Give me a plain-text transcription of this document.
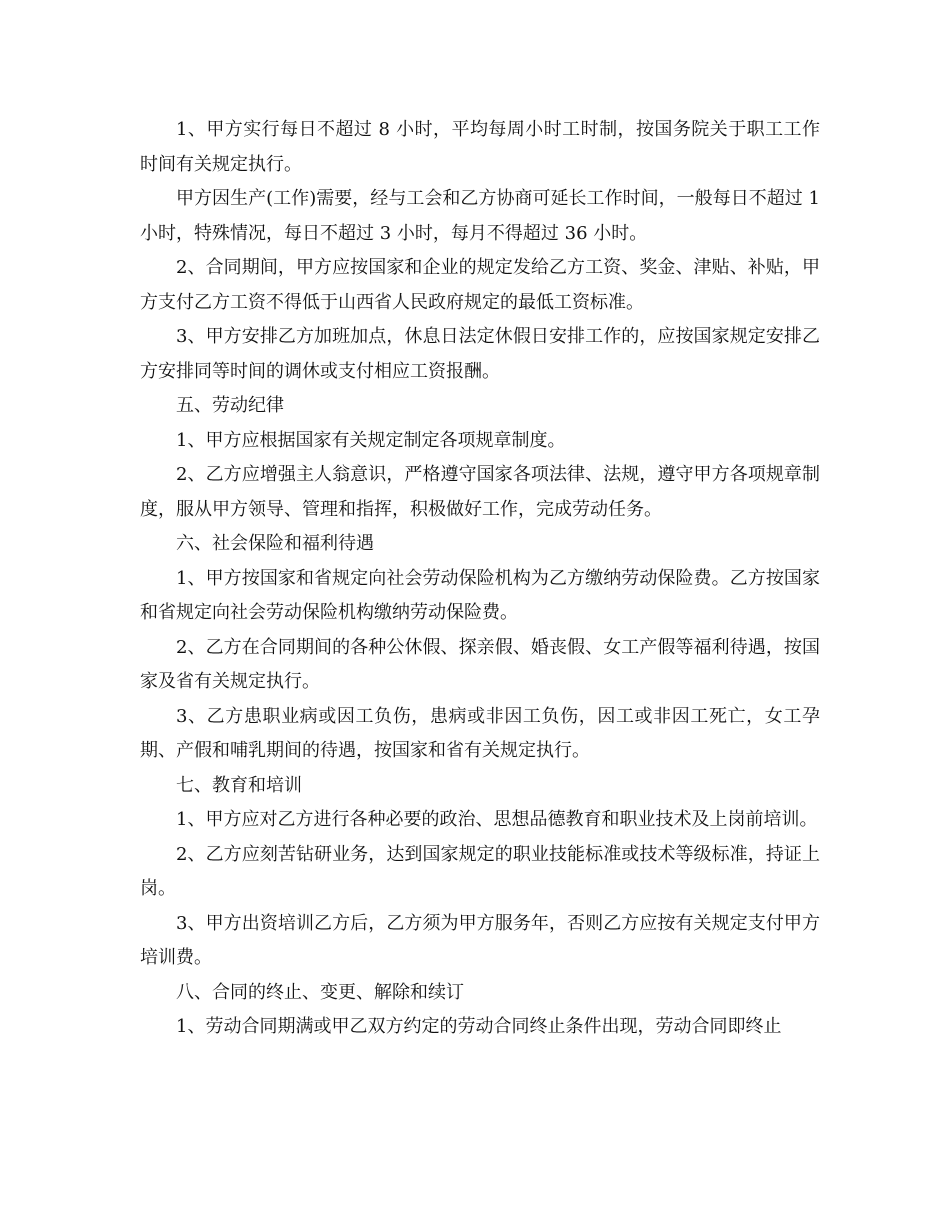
1、甲方实行每日不超过 8 小时，平均每周小时工时制，按国务院关于职工工作时间有关规定执行。

甲方因生产(工作)需要，经与工会和乙方协商可延长工作时间，一般每日不超过 1 小时，特殊情况，每日不超过 3 小时，每月不得超过 36 小时。

2、合同期间，甲方应按国家和企业的规定发给乙方工资、奖金、津贴、补贴，甲方支付乙方工资不得低于山西省人民政府规定的最低工资标准。

3、甲方安排乙方加班加点，休息日法定休假日安排工作的，应按国家规定安排乙方安排同等时间的调休或支付相应工资报酬。

五、劳动纪律

1、甲方应根据国家有关规定制定各项规章制度。

2、乙方应增强主人翁意识，严格遵守国家各项法律、法规，遵守甲方各项规章制度，服从甲方领导、管理和指挥，积极做好工作，完成劳动任务。

六、社会保险和福利待遇

1、甲方按国家和省规定向社会劳动保险机构为乙方缴纳劳动保险费。乙方按国家和省规定向社会劳动保险机构缴纳劳动保险费。

2、乙方在合同期间的各种公休假、探亲假、婚丧假、女工产假等福利待遇，按国家及省有关规定执行。

3、乙方患职业病或因工负伤，患病或非因工负伤，因工或非因工死亡，女工孕期、产假和哺乳期间的待遇，按国家和省有关规定执行。

七、教育和培训

1、甲方应对乙方进行各种必要的政治、思想品德教育和职业技术及上岗前培训。

2、乙方应刻苦钻研业务，达到国家规定的职业技能标准或技术等级标准，持证上岗。

3、甲方出资培训乙方后，乙方须为甲方服务年，否则乙方应按有关规定支付甲方培训费。

八、合同的终止、变更、解除和续订

1、劳动合同期满或甲乙双方约定的劳动合同终止条件出现，劳动合同即终止
